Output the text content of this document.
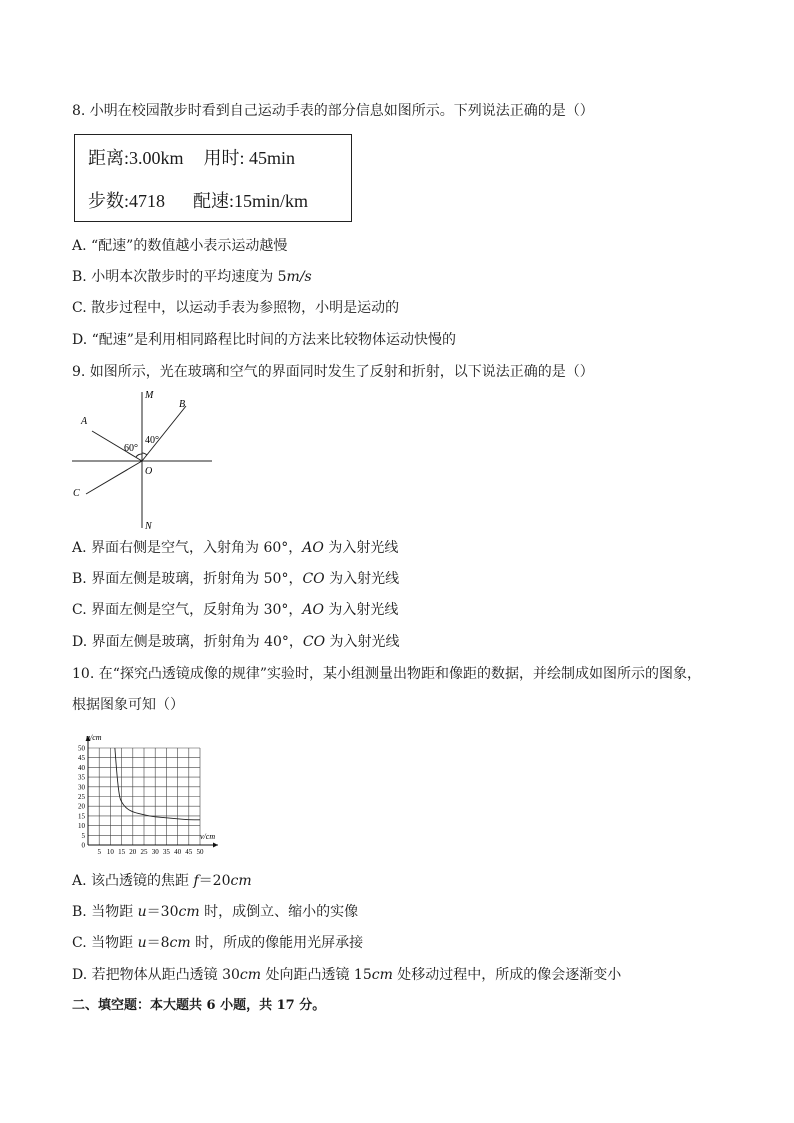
8. 小明在校园散步时看到自己运动手表的部分信息如图所示。下列说法正确的是（）
距离:3.00km 用时: 45min
步数:4718 配速:15min/km
A. “配速”的数值越小表示运动越慢
B. 小明本次散步时的平均速度为 5m/s
C. 散步过程中，以运动手表为参照物，小明是运动的
D. “配速”是利用相同路程比时间的方法来比较物体运动快慢的
9. 如图所示，光在玻璃和空气的界面同时发生了反射和折射，以下说法正确的是（）
M
B
A
40°
60°
O
C
N
A. 界面右侧是空气，入射角为 60°，AO 为入射光线
B. 界面左侧是玻璃，折射角为 50°，CO 为入射光线
C. 界面左侧是空气，反射角为 30°，AO 为入射光线
D. 界面左侧是玻璃，折射角为 40°，CO 为入射光线
10. 在“探究凸透镜成像的规律”实验时，某小组测量出物距和像距的数据，并绘制成如图所示的图象，
根据图象可知（）
0
5
10
15
20
25
30
35
40
45
50
5 10 15 20 25 30 35 40 45 50
u/cm
v/cm
A. 该凸透镜的焦距 f＝20cm
B. 当物距 u＝30cm 时，成倒立、缩小的实像
C. 当物距 u＝8cm 时，所成的像能用光屏承接
D. 若把物体从距凸透镜 30cm 处向距凸透镜 15cm 处移动过程中，所成的像会逐渐变小
二、填空题：本大题共 6 小题，共 17 分。
